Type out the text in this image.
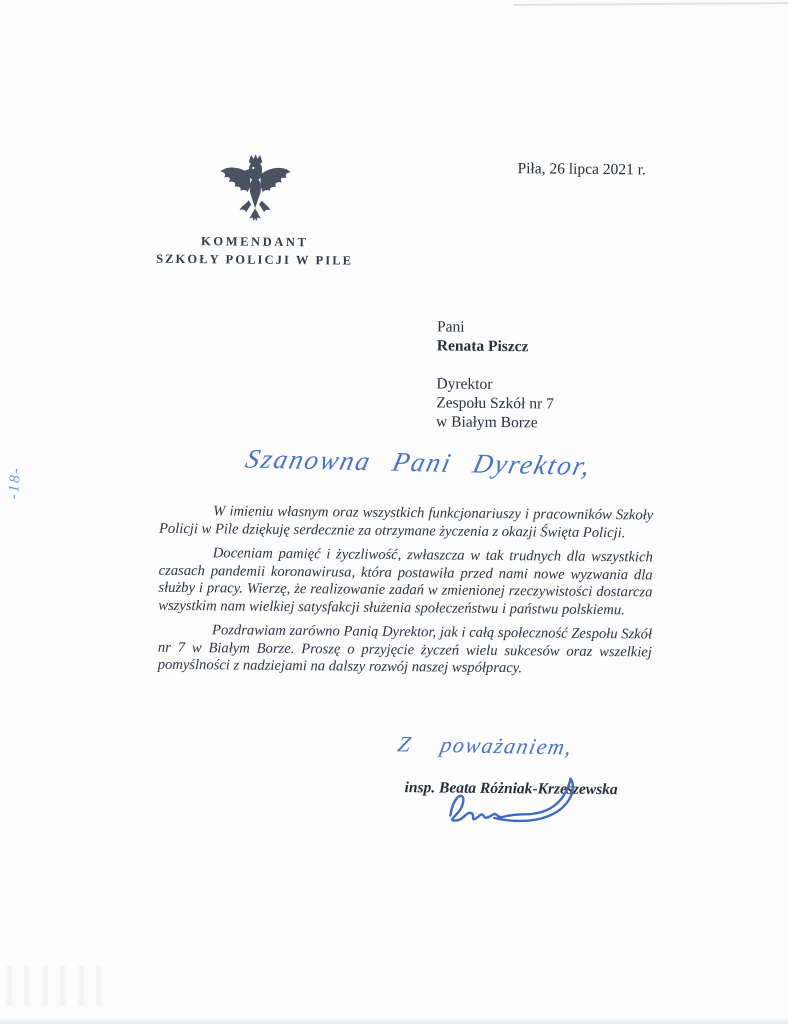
-18-
KOMENDANT
SZKOŁY POLICJI W PILE
Piła, 26 lipca 2021 r.
Pani
Renata Piszcz
Dyrektor
Zespołu Szkół nr 7
w Białym Borze
Szanowna Pani Dyrektor,

W imieniu własnym oraz wszystkich funkcjonariuszy i pracowników Szkoły Policji w Pile dziękuję serdecznie za otrzymane życzenia z okazji Święta Policji.

Doceniam pamięć i życzliwość, zwłaszcza w tak trudnych dla wszystkich czasach pandemii koronawirusa, która postawiła przed nami nowe wyzwania dla służby i pracy. Wierzę, że realizowanie zadań w zmienionej rzeczywistości dostarcza wszystkim nam wielkiej satysfakcji służenia społeczeństwu i państwu polskiemu.

Pozdrawiam zarówno Panią Dyrektor, jak i całą społeczność Zespołu Szkół nr 7 w Białym Borze. Proszę o przyjęcie życzeń wielu sukcesów oraz wszelkiej pomyślności z nadziejami na dalszy rozwój naszej współpracy.

Z poważaniem,
insp. Beata Różniak-Krzeszewska
